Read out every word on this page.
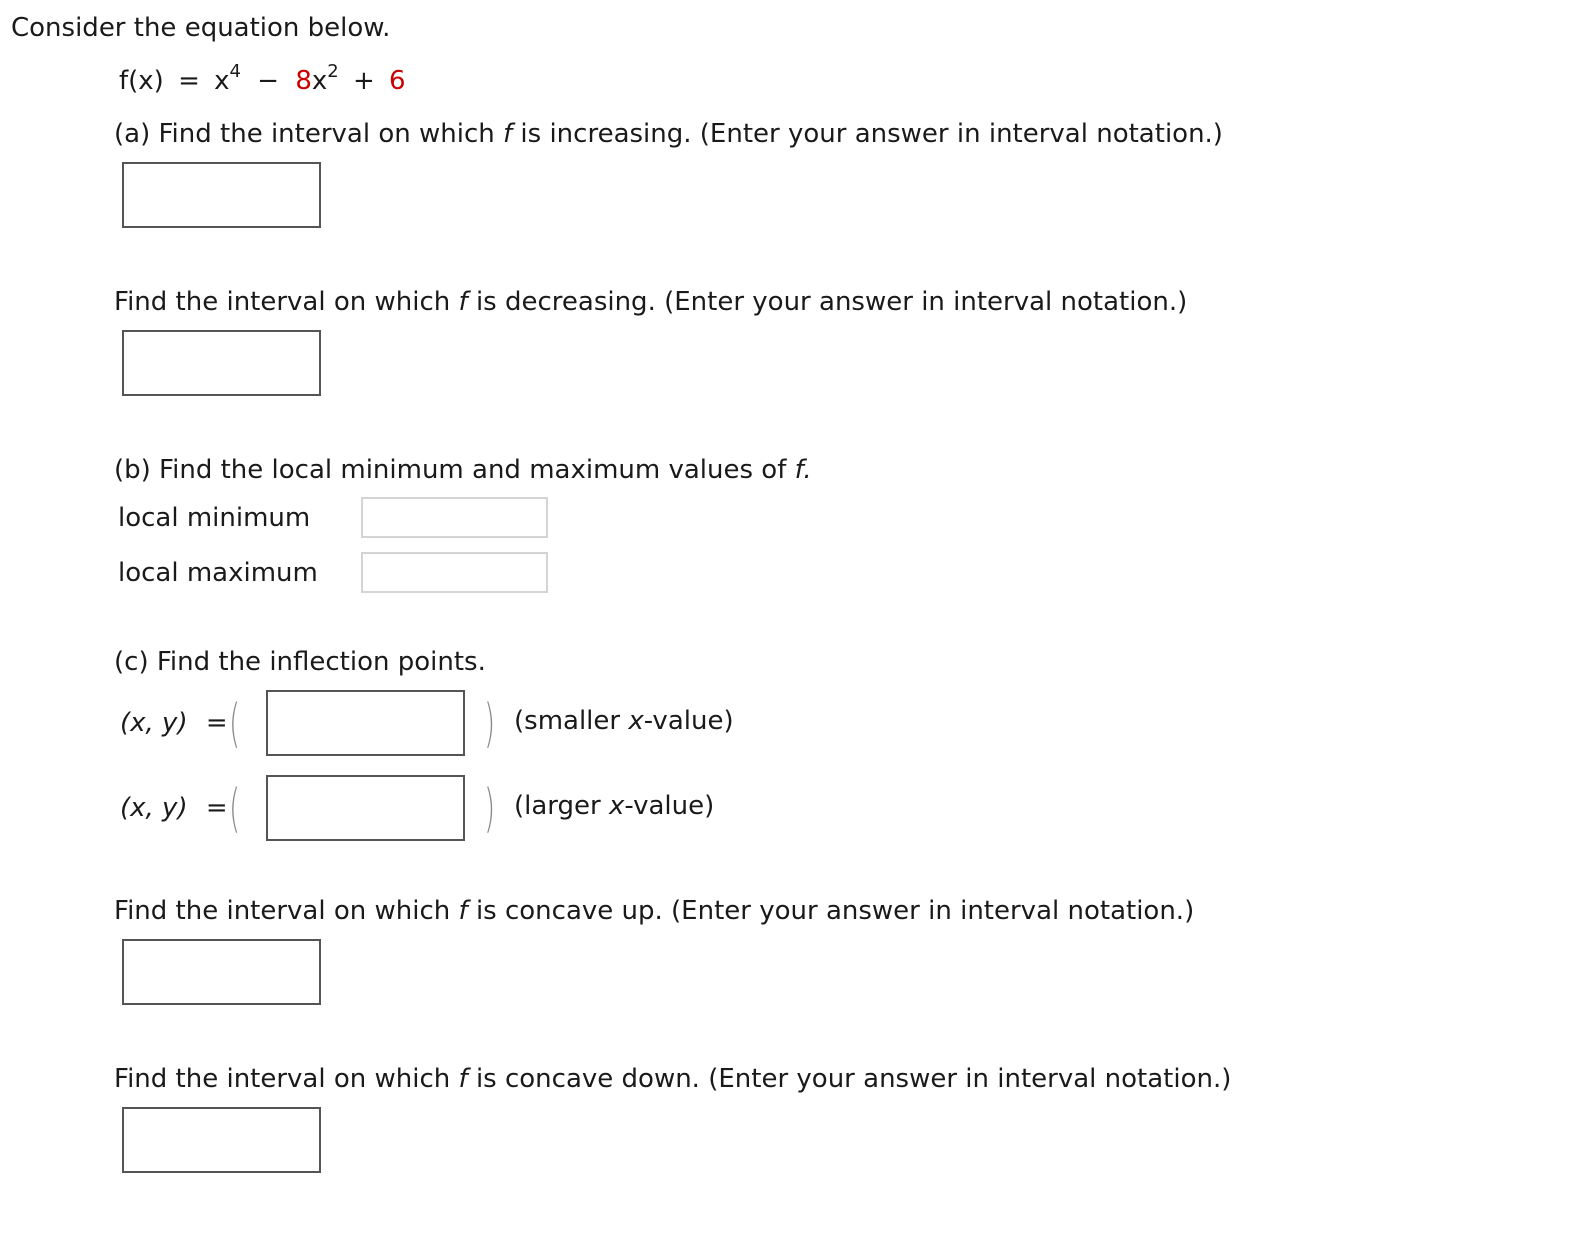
Consider the equation below.
$f(x) = x^4 - 8x^2 + 6$
(a) Find the interval on which f is increasing. (Enter your answer in interval notation.)
Find the interval on which f is decreasing. (Enter your answer in interval notation.)
(b) Find the local minimum and maximum values of f.
local minimum
local maximum
(c) Find the inflection points.
(x, y) = (	) (smaller x-value)
(x, y) = (	) (larger x-value)
Find the interval on which f is concave up. (Enter your answer in interval notation.)
Find the interval on which f is concave down. (Enter your answer in interval notation.)
